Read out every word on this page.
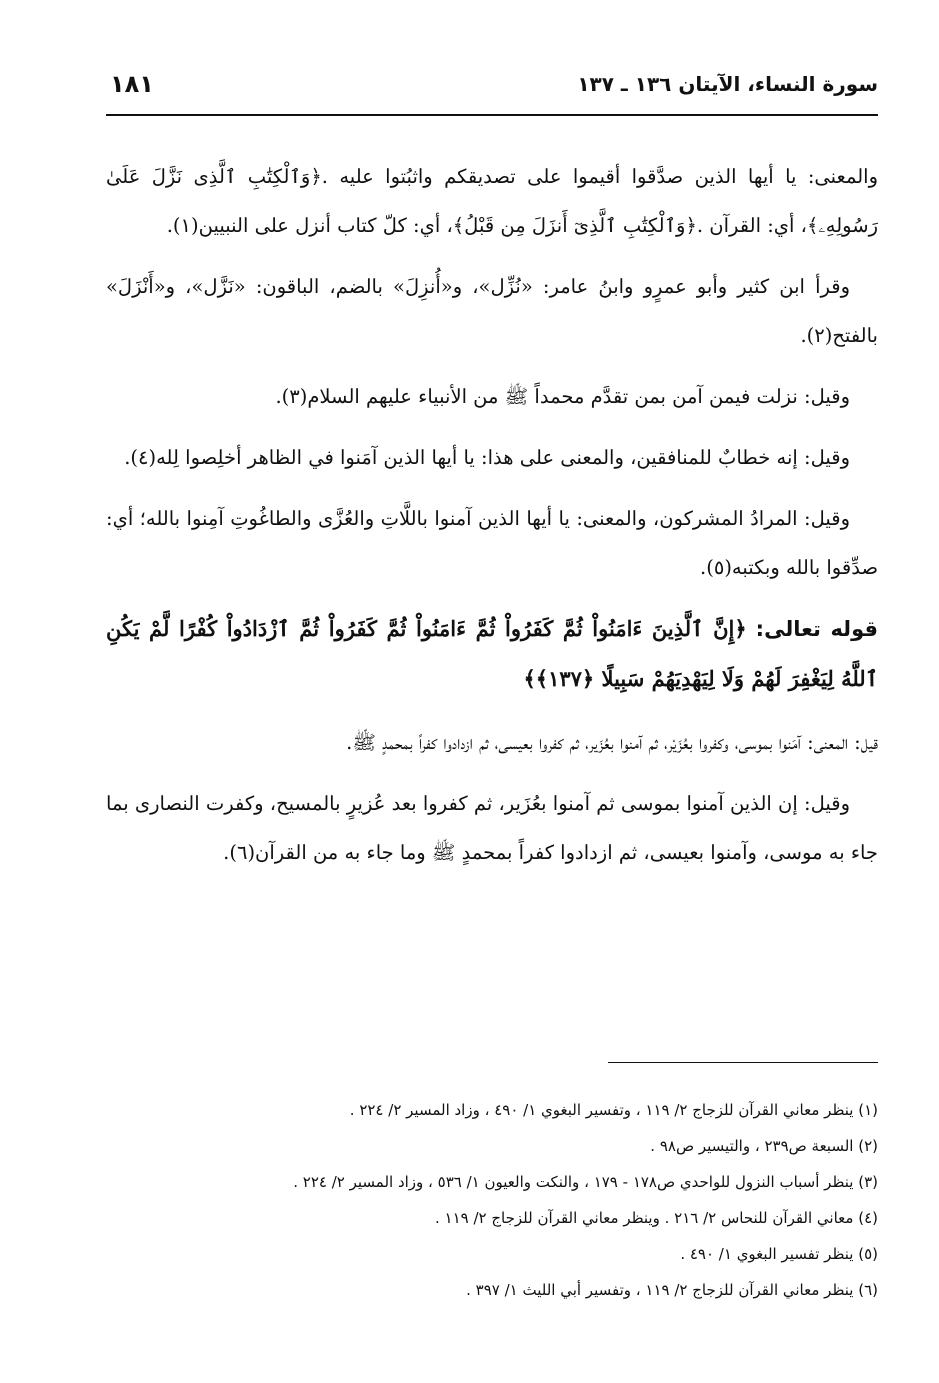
سورة النساء، الآيتان ١٣٦ ـ ١٣٧
١٨١

والمعنى: يا أيها الذين صدَّقوا أقيموا على تصديقكم واثبُتوا عليه .﴿وَٱلْكِتَٰبِ ٱلَّذِى نَزَّلَ عَلَىٰ رَسُولِهِۦ﴾، أي: القرآن .﴿وَٱلْكِتَٰبِ ٱلَّذِىٓ أَنزَلَ مِن قَبْلُ﴾، أي: كلّ كتاب أنزل على النبيين(١).

وقرأ ابن كثير وأبو عمرٍو وابنُ عامر: «نُزِّل»، و«أُنزِلَ» بالضم، الباقون: «نَزَّل»، و«أَنْزَلَ» بالفتح(٢).

وقيل: نزلت فيمن آمن بمن تقدَّم محمداً ﷺ من الأنبياء عليهم السلام(٣).

وقيل: إنه خطابٌ للمنافقين، والمعنى على هذا: يا أيها الذين آمَنوا في الظاهر أخلِصوا لِله(٤).

وقيل: المرادُ المشركون، والمعنى: يا أيها الذين آمنوا باللَّاتِ والعُزَّى والطاغُوتِ آمِنوا بالله؛ أي: صدِّقوا بالله وبكتبه(٥).

قوله تعالى: ﴿إِنَّ ٱلَّذِينَ ءَامَنُواْ ثُمَّ كَفَرُواْ ثُمَّ ءَامَنُواْ ثُمَّ كَفَرُواْ ثُمَّ ٱزْدَادُواْ كُفْرًا لَّمْ يَكُنِ ٱللَّهُ لِيَغْفِرَ لَهُمْ وَلَا لِيَهْدِيَهُمْ سَبِيلًا ﴿١٣٧﴾﴾

قيل: المعنى: آمَنوا بموسى، وكفروا بعُزَيْر، ثم آمنوا بعُزَير، ثم كفروا بعيسى، ثم ازدادوا كفراً بمحمدٍ ﷺ.

وقيل: إن الذين آمنوا بموسى ثم آمنوا بعُزَير، ثم كفروا بعد عُزيرٍ بالمسيح، وكفرت النصارى بما جاء به موسى، وآمنوا بعيسى، ثم ازدادوا كفراً بمحمدٍ ﷺ وما جاء به من القرآن(٦).

(١) ينظر معاني القرآن للزجاج ٢/ ١١٩ ، وتفسير البغوي ١/ ٤٩٠ ، وزاد المسير ٢/ ٢٢٤ .

(٢) السبعة ص٢٣٩ ، والتيسير ص٩٨ .

(٣) ينظر أسباب النزول للواحدي ص١٧٨ - ١٧٩ ، والنكت والعيون ١/ ٥٣٦ ، وزاد المسير ٢/ ٢٢٤ .

(٤) معاني القرآن للنحاس ٢/ ٢١٦ . وينظر معاني القرآن للزجاج ٢/ ١١٩ .

(٥) ينظر تفسير البغوي ١/ ٤٩٠ .

(٦) ينظر معاني القرآن للزجاج ٢/ ١١٩ ، وتفسير أبي الليث ١/ ٣٩٧ .
